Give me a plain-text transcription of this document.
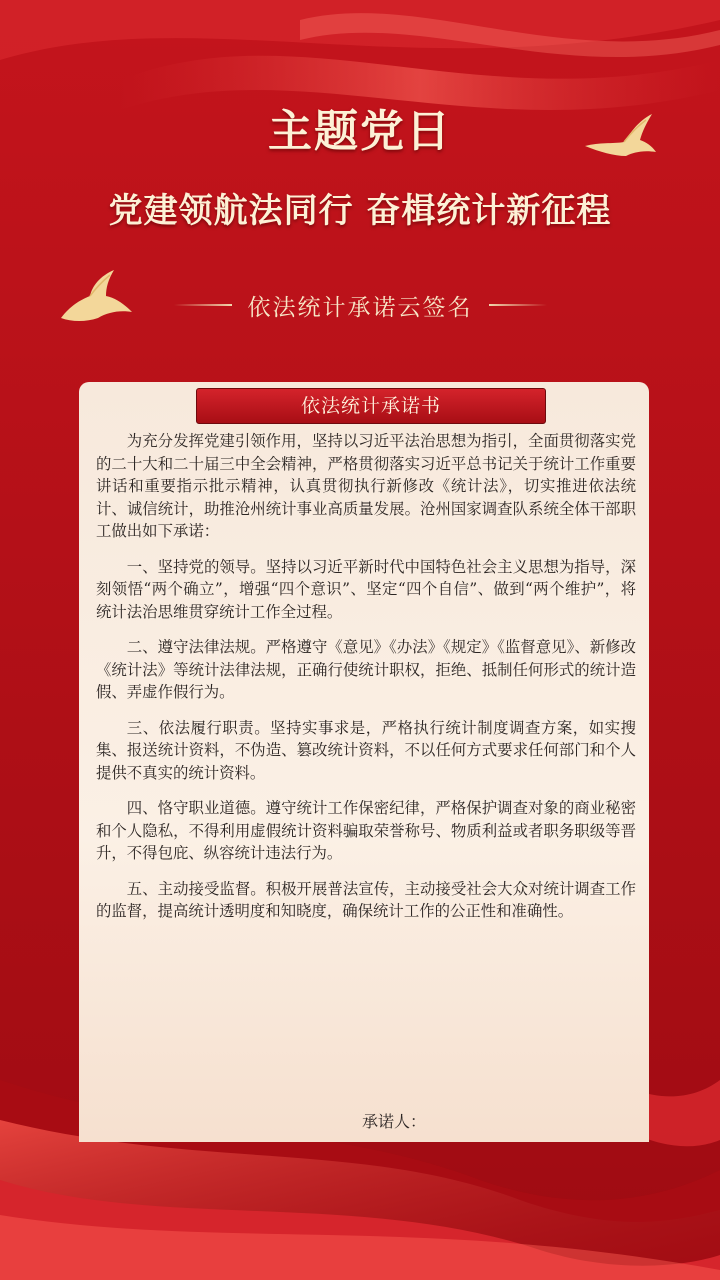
主题党日
党建领航法同行 奋楫统计新征程
依法统计承诺云签名
依法统计承诺书

为充分发挥党建引领作用，坚持以习近平法治思想为指引，全面贯彻落实党的二十大和二十届三中全会精神，严格贯彻落实习近平总书记关于统计工作重要讲话和重要指示批示精神，认真贯彻执行新修改《统计法》，切实推进依法统计、诚信统计，助推沧州统计事业高质量发展。沧州国家调查队系统全体干部职工做出如下承诺：

一、坚持党的领导。坚持以习近平新时代中国特色社会主义思想为指导，深刻领悟“两个确立”，增强“四个意识”、坚定“四个自信”、做到“两个维护”，将统计法治思维贯穿统计工作全过程。

二、遵守法律法规。严格遵守《意见》《办法》《规定》《监督意见》、新修改《统计法》等统计法律法规，正确行使统计职权，拒绝、抵制任何形式的统计造假、弄虚作假行为。

三、依法履行职责。坚持实事求是，严格执行统计制度调查方案，如实搜集、报送统计资料，不伪造、篡改统计资料，不以任何方式要求任何部门和个人提供不真实的统计资料。

四、恪守职业道德。遵守统计工作保密纪律，严格保护调查对象的商业秘密和个人隐私，不得利用虚假统计资料骗取荣誉称号、物质利益或者职务职级等晋升，不得包庇、纵容统计违法行为。

五、主动接受监督。积极开展普法宣传，主动接受社会大众对统计调查工作的监督，提高统计透明度和知晓度，确保统计工作的公正性和准确性。

承诺人：
